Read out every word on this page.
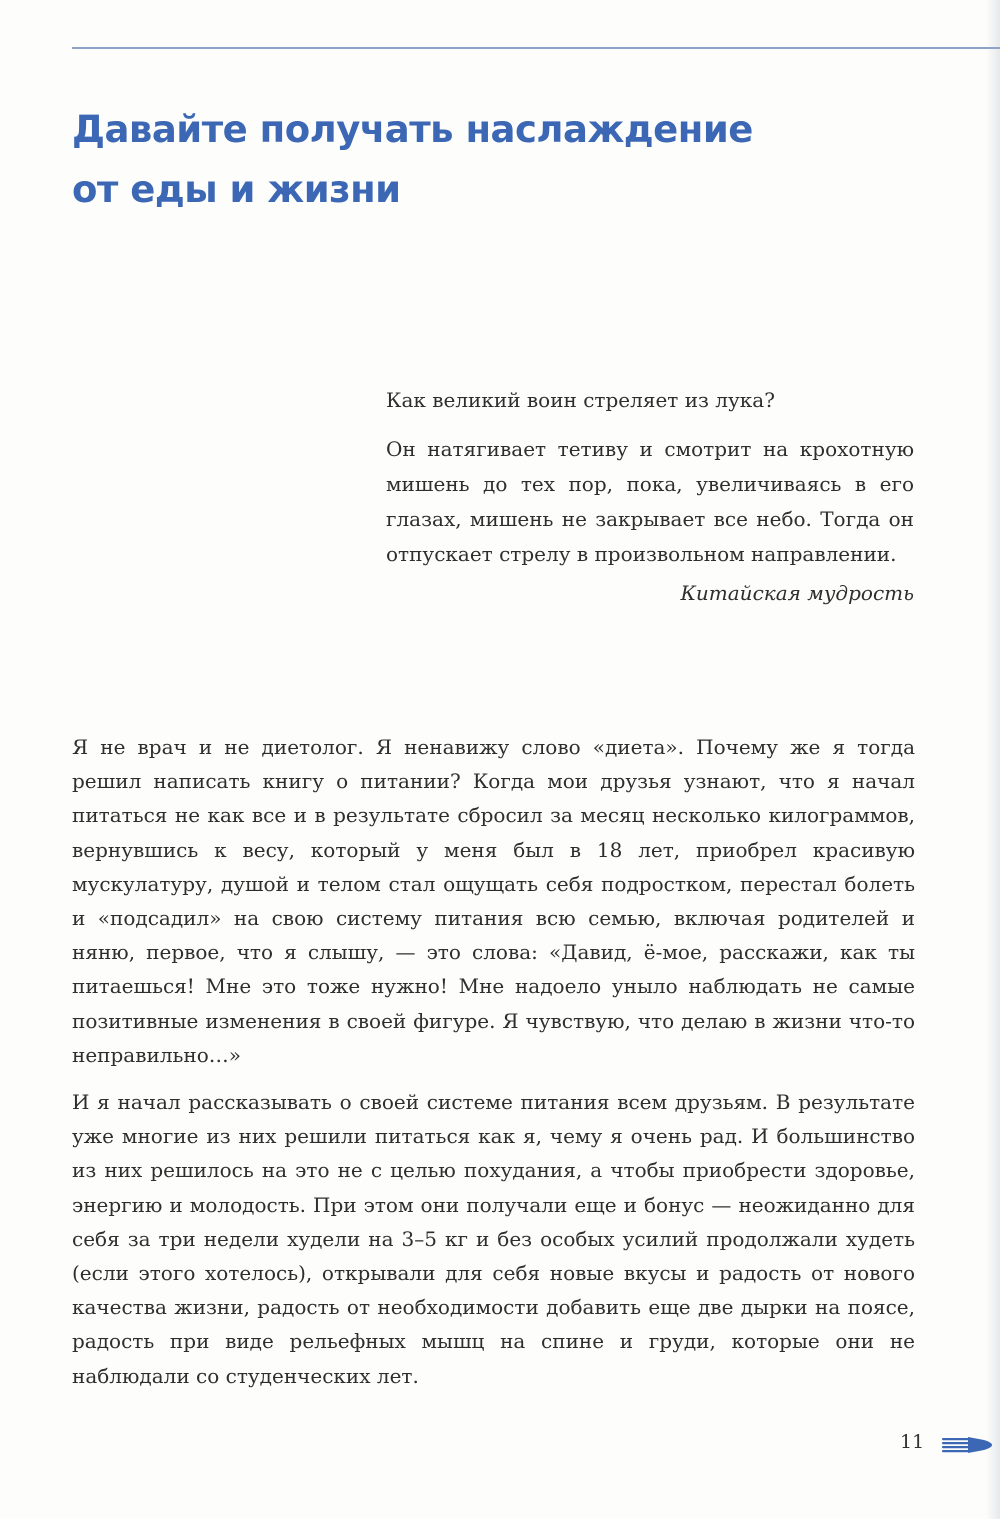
Давайте получать наслаждение
от еды и жизни

Как великий воин стреляет из лука?

Он натягивает тетиву и смотрит на крохотную мишень до тех пор, пока, увеличиваясь в его глазах, мишень не закрывает все небо. Тогда он отпускает стрелу в произвольном направлении.

Китайская мудрость

Я не врач и не диетолог. Я ненавижу слово «диета». Почему же я тогда решил написать книгу о питании? Когда мои друзья узнают, что я начал питаться не как все и в результате сбросил за месяц несколько килограммов, вернувшись к весу, который у меня был в 18 лет, приобрел красивую мускулатуру, душой и телом стал ощущать себя подростком, перестал болеть и «подсадил» на свою систему питания всю семью, включая родителей и няню, первое, что я слышу, — это слова: «Давид, ё-мое, расскажи, как ты питаешься! Мне это тоже нужно! Мне надоело уныло наблюдать не самые позитивные изменения в своей фигуре. Я чувствую, что делаю в жизни что-то неправильно…»

И я начал рассказывать о своей системе питания всем друзьям. В результате уже многие из них решили питаться как я, чему я очень рад. И большинство из них решилось на это не с целью похудания, а чтобы приобрести здоровье, энергию и молодость. При этом они получали еще и бонус — неожиданно для себя за три недели худели на 3–5 кг и без особых усилий продолжали худеть (если этого хотелось), открывали для себя новые вкусы и радость от нового качества жизни, радость от необходимости добавить еще две дырки на поясе, радость при виде рельефных мышц на спине и груди, которые они не наблюдали со студенческих лет.

11
